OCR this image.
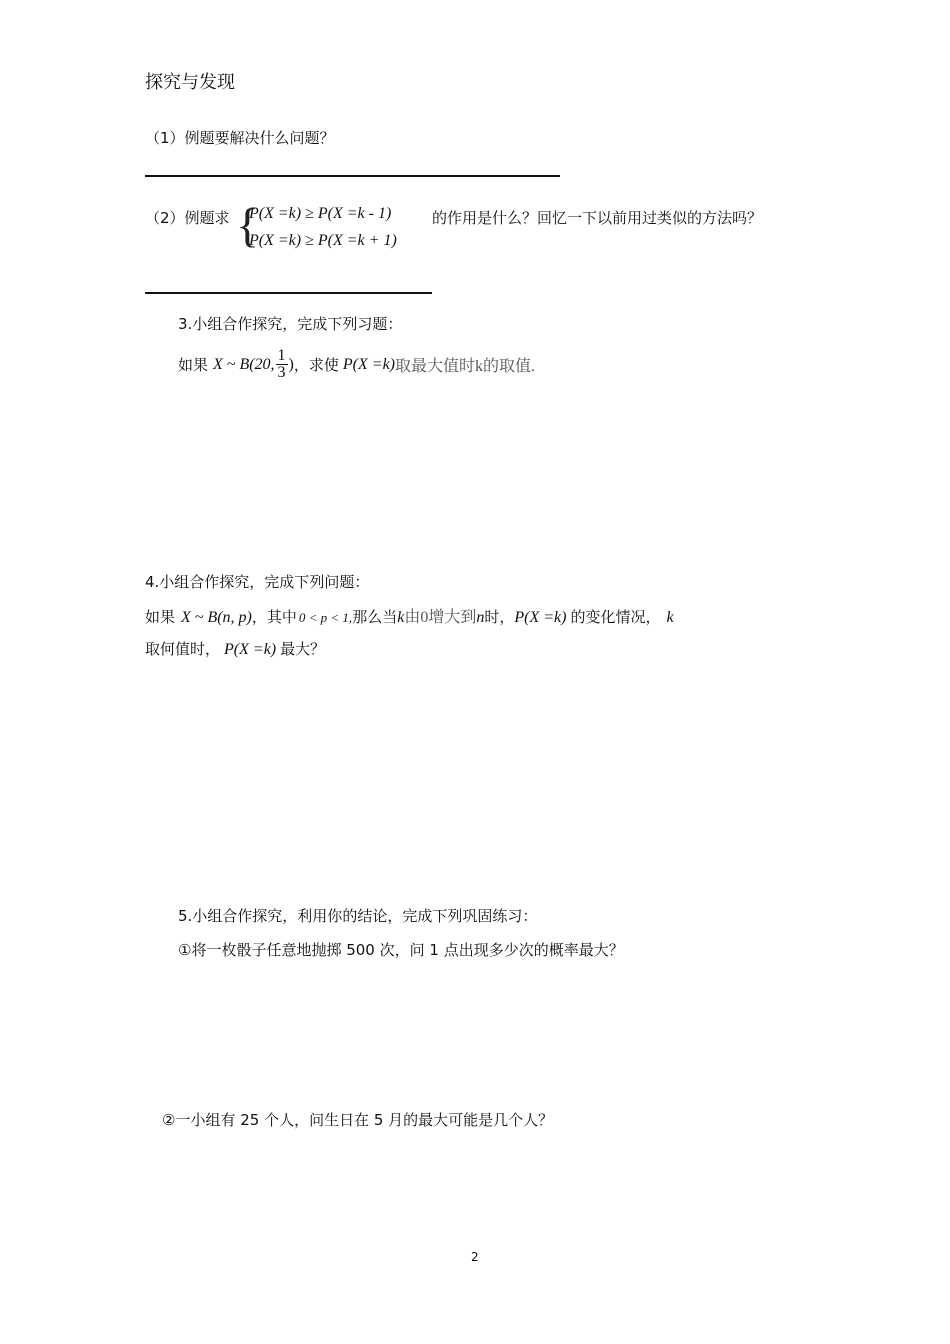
探究与发现
（1）例题要解决什么问题？
（2）例题求 {
P(X =k) ≥ P(X =k - 1)
P(X =k) ≥ P(X =k + 1)
的作用是什么？回忆一下以前用过类似的方法吗？
3.小组合作探究，完成下列习题：
如果 X ~ B(20, $\frac{1}{3}$ ) ，求使 P(X =k) 取最大值时k的取值.
4.小组合作探究，完成下列问题：
如果 X ~ B(n, p) ，其中 0 < p < 1, 那么当 k 由0增大到 n 时， P(X =k) 的变化情况， k
取何值时， P(X =k) 最大？
5.小组合作探究，利用你的结论，完成下列巩固练习：
①将一枚骰子任意地抛掷 500 次，问 1 点出现多少次的概率最大？
②一小组有 25 个人，问生日在 5 月的最大可能是几个人？
2
